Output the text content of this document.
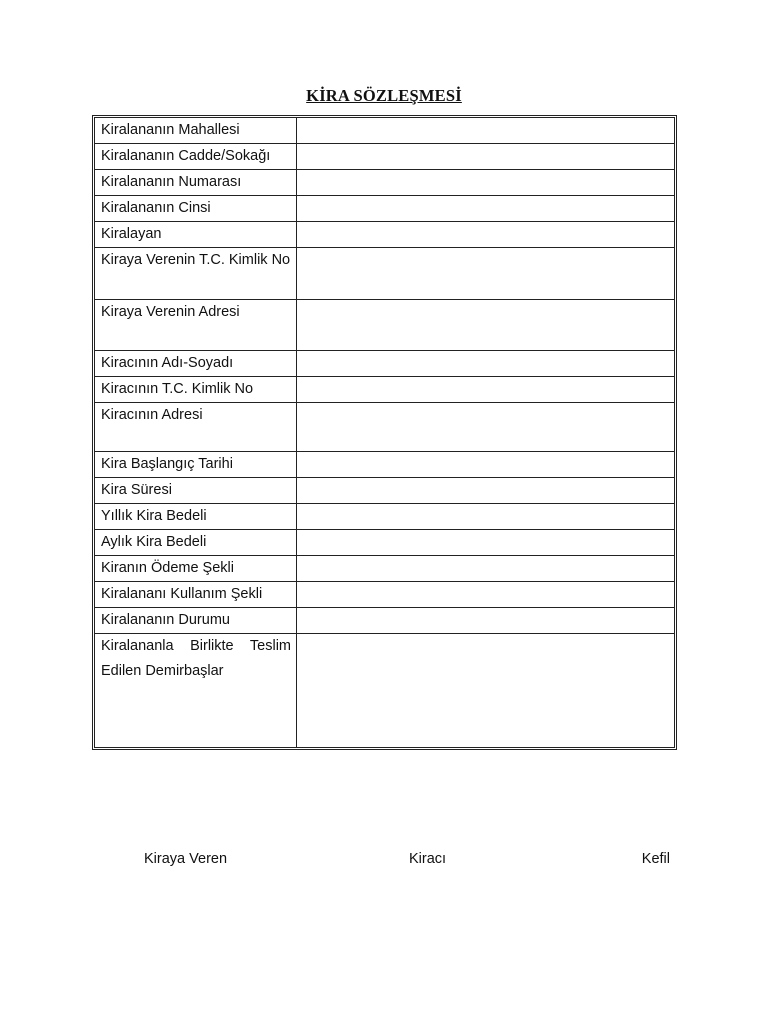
KİRA SÖZLEŞMESİ
Kiralananın Mahallesi
Kiralananın Cadde/Sokağı
Kiralananın Numarası
Kiralananın Cinsi
Kiralayan
Kiraya Verenin T.C. Kimlik No
Kiraya Verenin Adresi
Kiracının Adı-Soyadı
Kiracının T.C. Kimlik No
Kiracının Adresi
Kira Başlangıç Tarihi
Kira Süresi
Yıllık Kira Bedeli
Aylık Kira Bedeli
Kiranın Ödeme Şekli
Kiralananı Kullanım Şekli
Kiralananın Durumu
Kiralananla Birlikte Teslim Edilen Demirbaşlar
Kiraya Veren	Kiracı	Kefil
